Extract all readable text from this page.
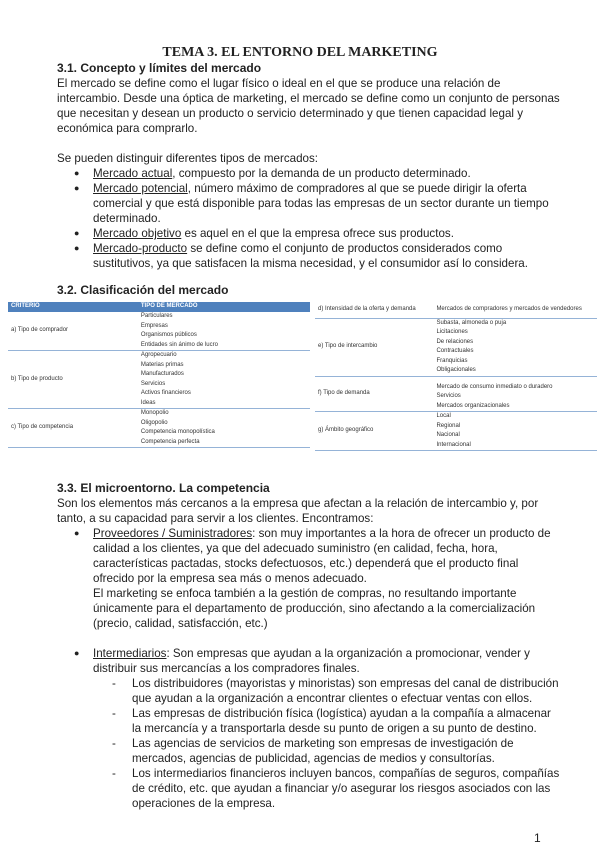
TEMA 3. EL ENTORNO DEL MARKETING
3.1. Concepto y límites del mercado

El mercado se define como el lugar físico o ideal en el que se produce una relación de intercambio. Desde una óptica de marketing, el mercado se define como un conjunto de personas que necesitan y desean un producto o servicio determinado y que tienen capacidad legal y económica para comprarlo.

Se pueden distinguir diferentes tipos de mercados:

● Mercado actual, compuesto por la demanda de un producto determinado.
● Mercado potencial, número máximo de compradores al que se puede dirigir la oferta comercial y que está disponible para todas las empresas de un sector durante un tiempo determinado.
● Mercado objetivo es aquel en el que la empresa ofrece sus productos.
● Mercado-producto se define como el conjunto de productos considerados como sustitutivos, ya que satisfacen la misma necesidad, y el consumidor así lo considera.
3.2. Clasificación del mercado
CRITERIO	TIPO DE MERCADO
a) Tipo de comprador	Particulares
	Empresas
	Organismos públicos
	Entidades sin ánimo de lucro
b) Tipo de producto	Agropecuario
	Materias primas
	Manufacturados
	Servicios
	Activos financieros
	Ideas
c) Tipo de competencia	Monopolio
	Oligopolio
	Competencia monopolística
	Competencia perfecta
d) Intensidad de la oferta y demanda	Mercados de compradores y mercados de vendedores
e) Tipo de intercambio	Subasta, almoneda o puja
	Licitaciones
	De relaciones
	Contractuales
	Franquicias
	Obligacionales
f) Tipo de demanda	Mercado de consumo inmediato o duradero
	Servicios
	Mercados organizacionales
g) Ámbito geográfico	Local
	Regional
	Nacional
	Internacional
3.3. El microentorno. La competencia

Son los elementos más cercanos a la empresa que afectan a la relación de intercambio y, por tanto, a su capacidad para servir a los clientes. Encontramos:

● Proveedores / Suministradores: son muy importantes a la hora de ofrecer un producto de calidad a los clientes, ya que del adecuado suministro (en calidad, fecha, hora, características pactadas, stocks defectuosos, etc.) dependerá que el producto final ofrecido por la empresa sea más o menos adecuado.

El marketing se enfoca también a la gestión de compras, no resultando importante únicamente para el departamento de producción, sino afectando a la comercialización (precio, calidad, satisfacción, etc.)

● Intermediarios: Son empresas que ayudan a la organización a promocionar, vender y distribuir sus mercancías a los compradores finales.
- Los distribuidores (mayoristas y minoristas) son empresas del canal de distribución que ayudan a la organización a encontrar clientes o efectuar ventas con ellos.
- Las empresas de distribución física (logística) ayudan a la compañía a almacenar la mercancía y a transportarla desde su punto de origen a su punto de destino.
- Las agencias de servicios de marketing son empresas de investigación de mercados, agencias de publicidad, agencias de medios y consultorías.
- Los intermediarios financieros incluyen bancos, compañías de seguros, compañías de crédito, etc. que ayudan a financiar y/o asegurar los riesgos asociados con las operaciones de la empresa.
1
